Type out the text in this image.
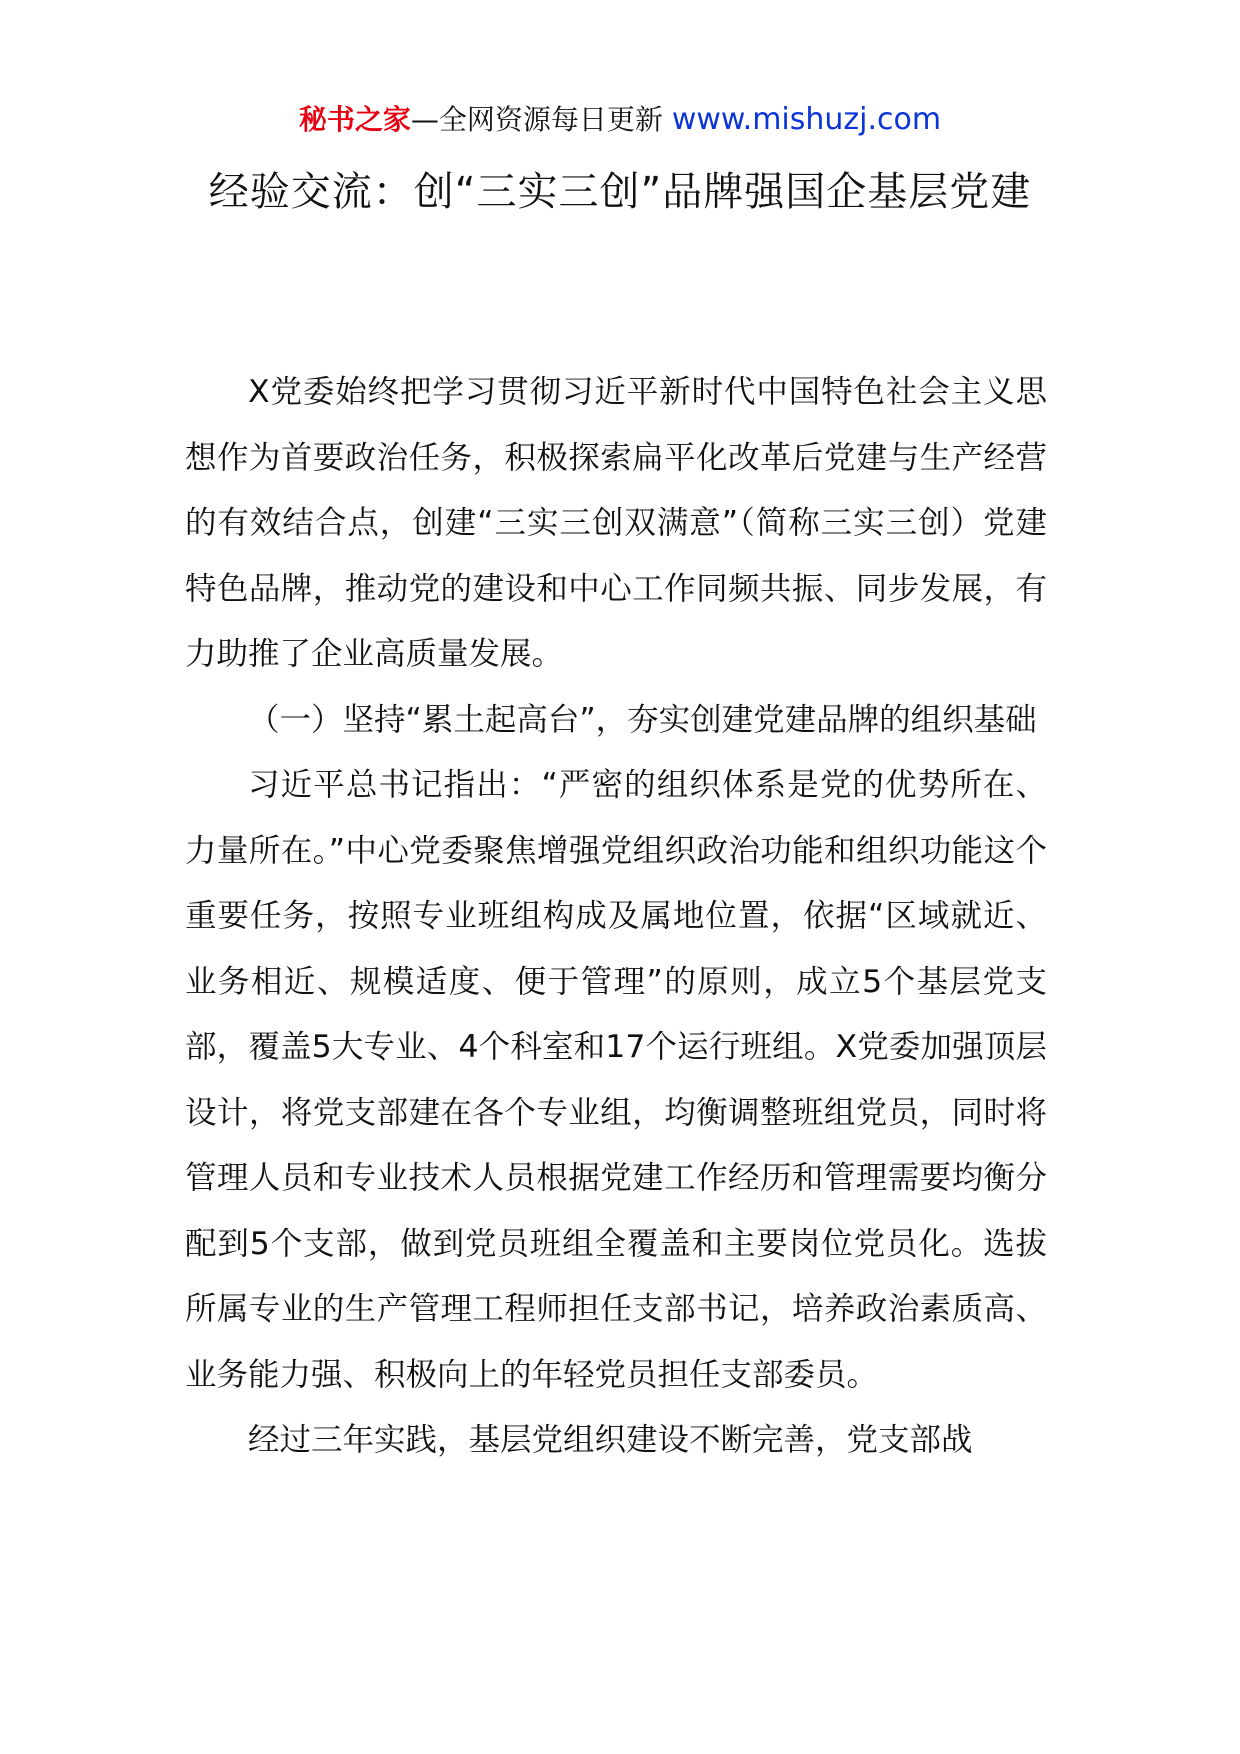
秘书之家—全网资源每日更新 www.mishuzj.com
经验交流：创“三实三创”品牌强国企基层党建

X党委始终把学习贯彻习近平新时代中国特色社会主义思想作为首要政治任务，积极探索扁平化改革后党建与生产经营的有效结合点，创建“三实三创双满意”（简称三实三创）党建特色品牌，推动党的建设和中心工作同频共振、同步发展，有力助推了企业高质量发展。

（一）坚持“累土起高台”，夯实创建党建品牌的组织基础

习近平总书记指出：“严密的组织体系是党的优势所在、力量所在。”中心党委聚焦增强党组织政治功能和组织功能这个重要任务，按照专业班组构成及属地位置，依据“区域就近、业务相近、规模适度、便于管理”的原则，成立5个基层党支部，覆盖5大专业、4个科室和17个运行班组。X党委加强顶层设计，将党支部建在各个专业组，均衡调整班组党员，同时将管理人员和专业技术人员根据党建工作经历和管理需要均衡分配到5个支部，做到党员班组全覆盖和主要岗位党员化。选拔所属专业的生产管理工程师担任支部书记，培养政治素质高、业务能力强、积极向上的年轻党员担任支部委员。

经过三年实践，基层党组织建设不断完善，党支部战
